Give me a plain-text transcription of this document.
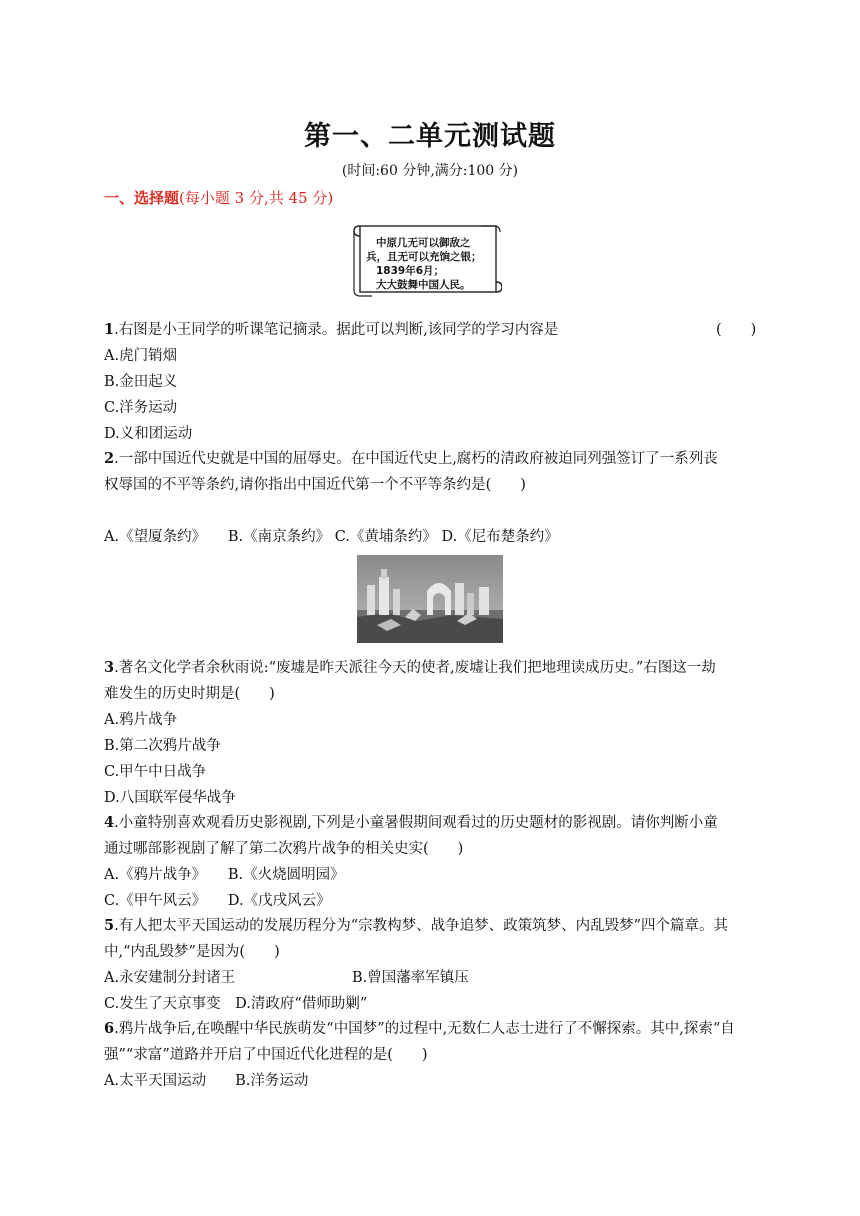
第一、二单元测试题
(时间:60 分钟,满分:100 分)
一、选择题(每小题 3 分,共 45 分)
中原几无可以御敌之
兵，且无可以充饷之银；
1839年6月；
大大鼓舞中国人民。
1.右图是小王同学的听课笔记摘录。据此可以判断,该同学的学习内容是	(　　)
A.虎门销烟
B.金田起义
C.洋务运动
D.义和团运动
2.一部中国近代史就是中国的屈辱史。在中国近代史上,腐朽的清政府被迫同列强签订了一系列丧
权辱国的不平等条约,请你指出中国近代第一个不平等条约是(　　)
A.《望厦条约》　　B.《南京条约》 C.《黄埔条约》 D.《尼布楚条约》
3.著名文化学者余秋雨说:“废墟是昨天派往今天的使者,废墟让我们把地理读成历史。”右图这一劫
难发生的历史时期是(　　)
A.鸦片战争
B.第二次鸦片战争
C.甲午中日战争
D.八国联军侵华战争
4.小童特别喜欢观看历史影视剧,下列是小童暑假期间观看过的历史题材的影视剧。请你判断小童
通过哪部影视剧了解了第二次鸦片战争的相关史实(　　)
A.《鸦片战争》　　B.《火烧圆明园》
C.《甲午风云》　　D.《戊戌风云》
5.有人把太平天国运动的发展历程分为“宗教构梦、战争追梦、政策筑梦、内乱毁梦”四个篇章。其
中,“内乱毁梦”是因为(　　)
A.永安建制分封诸王	B.曾国藩率军镇压
C.发生了天京事变　D.清政府“借师助剿”
6.鸦片战争后,在唤醒中华民族萌发“中国梦”的过程中,无数仁人志士进行了不懈探索。其中,探索“自
强”“求富”道路并开启了中国近代化进程的是(　　)
A.太平天国运动　　B.洋务运动
